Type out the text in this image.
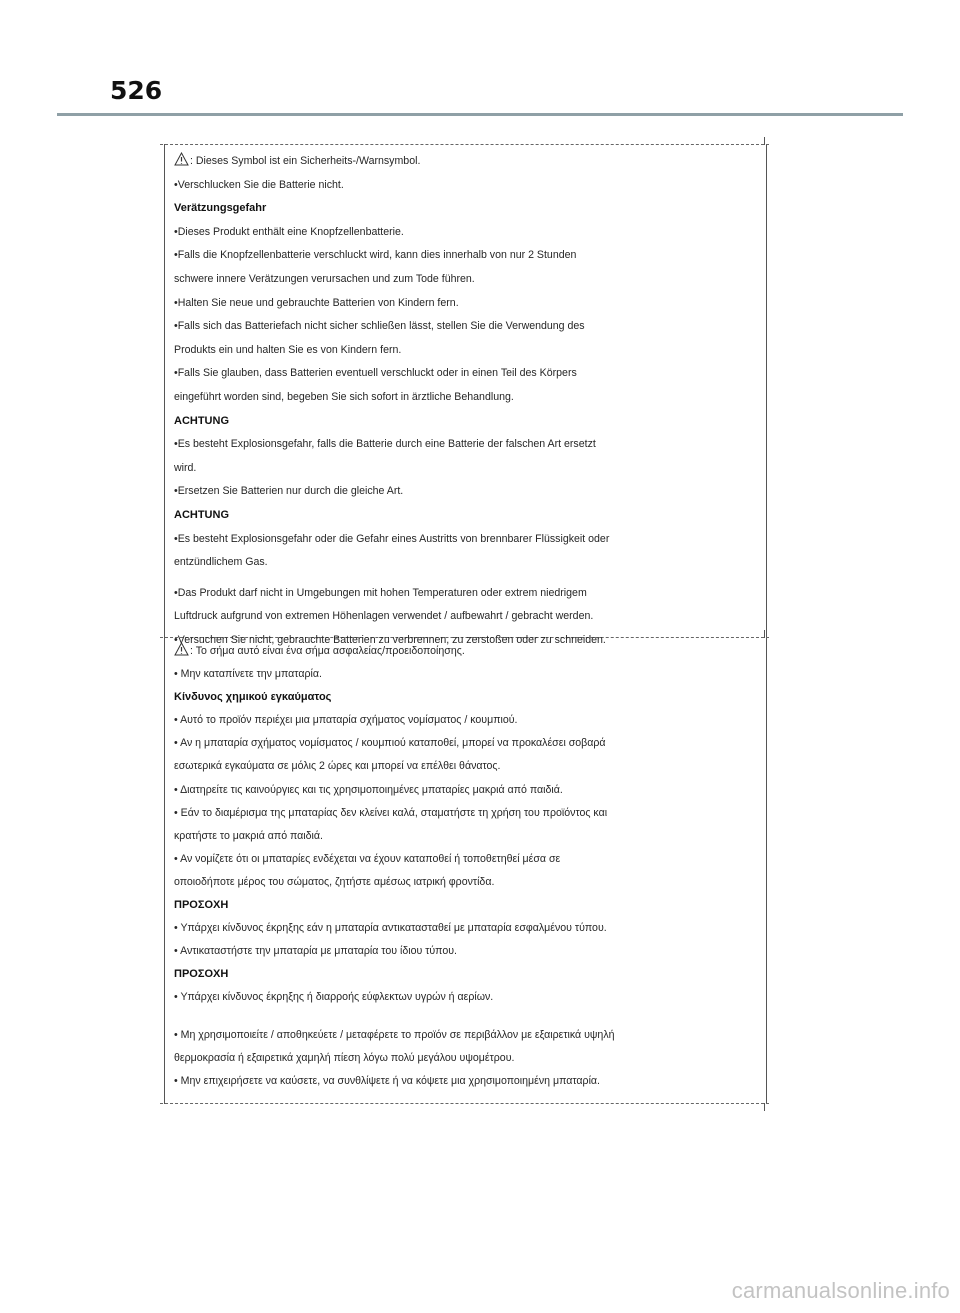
526
: Dieses Symbol ist ein Sicherheits-/Warnsymbol.
•Verschlucken Sie die Batterie nicht.
Verätzungsgefahr
•Dieses Produkt enthält eine Knopfzellenbatterie.
•Falls die Knopfzellenbatterie verschluckt wird, kann dies innerhalb von nur 2 Stunden
schwere innere Verätzungen verursachen und zum Tode führen.
•Halten Sie neue und gebrauchte Batterien von Kindern fern.
•Falls sich das Batteriefach nicht sicher schließen lässt, stellen Sie die Verwendung des
Produkts ein und halten Sie es von Kindern fern.
•Falls Sie glauben, dass Batterien eventuell verschluckt oder in einen Teil des Körpers
eingeführt worden sind, begeben Sie sich sofort in ärztliche Behandlung.
ACHTUNG
•Es besteht Explosionsgefahr, falls die Batterie durch eine Batterie der falschen Art ersetzt
wird.
•Ersetzen Sie Batterien nur durch die gleiche Art.
ACHTUNG
•Es besteht Explosionsgefahr oder die Gefahr eines Austritts von brennbarer Flüssigkeit oder
entzündlichem Gas.
•Das Produkt darf nicht in Umgebungen mit hohen Temperaturen oder extrem niedrigem
Luftdruck aufgrund von extremen Höhenlagen verwendet / aufbewahrt / gebracht werden.
•Versuchen Sie nicht, gebrauchte Batterien zu verbrennen, zu zerstoßen oder zu schneiden.
: Το σήμα αυτό είναι ένα σήμα ασφαλείας/προειδοποίησης.
• Μην καταπίνετε την μπαταρία.
Κίνδυνος χημικού εγκαύματος
• Αυτό το προϊόν περιέχει μια μπαταρία σχήματος νομίσματος / κουμπιού.
• Αν η μπαταρία σχήματος νομίσματος / κουμπιού καταποθεί, μπορεί να προκαλέσει σοβαρά
εσωτερικά εγκαύματα σε μόλις 2 ώρες και μπορεί να επέλθει θάνατος.
• Διατηρείτε τις καινούργιες και τις χρησιμοποιημένες μπαταρίες μακριά από παιδιά.
• Εάν το διαμέρισμα της μπαταρίας δεν κλείνει καλά, σταματήστε τη χρήση του προϊόντος και
κρατήστε το μακριά από παιδιά.
• Αν νομίζετε ότι οι μπαταρίες ενδέχεται να έχουν καταποθεί ή τοποθετηθεί μέσα σε
οποιοδήποτε μέρος του σώματος, ζητήστε αμέσως ιατρική φροντίδα.
ΠΡΟΣΟΧΗ
• Υπάρχει κίνδυνος έκρηξης εάν η μπαταρία αντικατασταθεί με μπαταρία εσφαλμένου τύπου.
• Αντικαταστήστε την μπαταρία με μπαταρία του ίδιου τύπου.
ΠΡΟΣΟΧΗ
• Υπάρχει κίνδυνος έκρηξης ή διαρροής εύφλεκτων υγρών ή αερίων.
• Μη χρησιμοποιείτε / αποθηκεύετε / μεταφέρετε το προϊόν σε περιβάλλον με εξαιρετικά υψηλή
θερμοκρασία ή εξαιρετικά χαμηλή πίεση λόγω πολύ μεγάλου υψομέτρου.
• Μην επιχειρήσετε να καύσετε, να συνθλίψετε ή να κόψετε μια χρησιμοποιημένη μπαταρία.
carmanualsonline.info
